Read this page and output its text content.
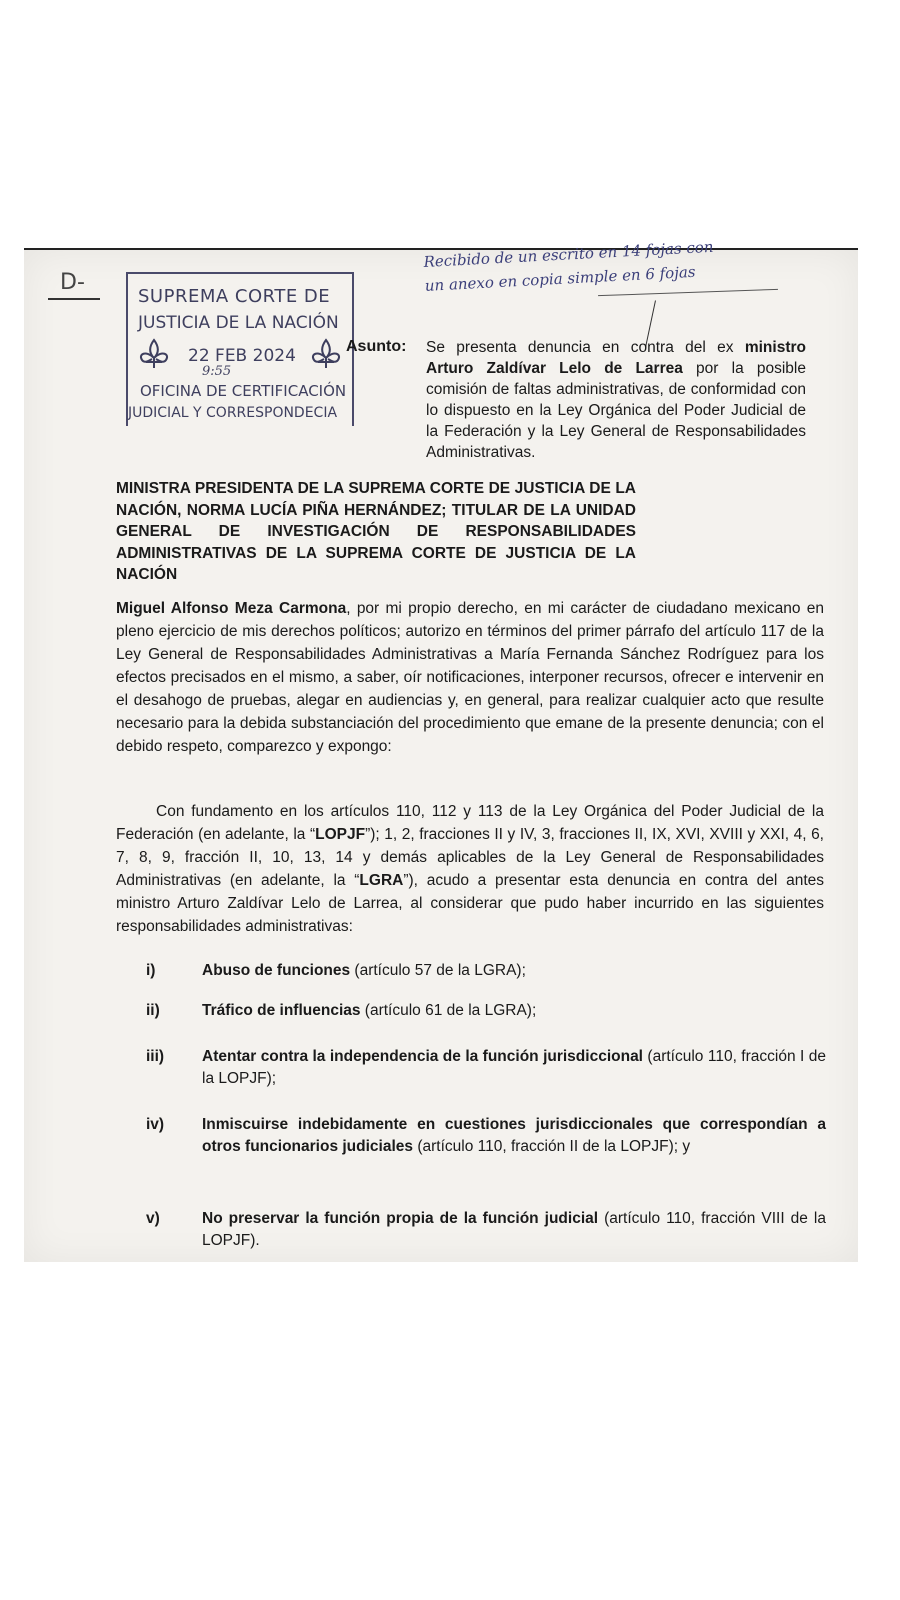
D-
SUPREMA CORTE DE
JUSTICIA DE LA NACIÓN
22 FEB 2024
9:55
OFICINA DE CERTIFICACIÓN
JUDICIAL Y CORRESPONDECIA
Recibido de un escrito en 14 fojas con
un anexo en copia simple en 6 fojas
Asunto: Se presenta denuncia en contra del ex ministro Arturo Zaldívar Lelo de Larrea por la posible comisión de faltas administrativas, de conformidad con lo dispuesto en la Ley Orgánica del Poder Judicial de la Federación y la Ley General de Responsabilidades Administrativas.
MINISTRA PRESIDENTA DE LA SUPREMA CORTE DE JUSTICIA DE LA NACIÓN, NORMA LUCÍA PIÑA HERNÁNDEZ; TITULAR DE LA UNIDAD GENERAL DE INVESTIGACIÓN DE RESPONSABILIDADES ADMINISTRATIVAS DE LA SUPREMA CORTE DE JUSTICIA DE LA NACIÓN
Miguel Alfonso Meza Carmona, por mi propio derecho, en mi carácter de ciudadano mexicano en pleno ejercicio de mis derechos políticos; autorizo en términos del primer párrafo del artículo 117 de la Ley General de Responsabilidades Administrativas a María Fernanda Sánchez Rodríguez para los efectos precisados en el mismo, a saber, oír notificaciones, interponer recursos, ofrecer e intervenir en el desahogo de pruebas, alegar en audiencias y, en general, para realizar cualquier acto que resulte necesario para la debida substanciación del procedimiento que emane de la presente denuncia; con el debido respeto, comparezco y expongo:
Con fundamento en los artículos 110, 112 y 113 de la Ley Orgánica del Poder Judicial de la Federación (en adelante, la “LOPJF”); 1, 2, fracciones II y IV, 3, fracciones II, IX, XVI, XVIII y XXI, 4, 6, 7, 8, 9, fracción II, 10, 13, 14 y demás aplicables de la Ley General de Responsabilidades Administrativas (en adelante, la “LGRA”), acudo a presentar esta denuncia en contra del antes ministro Arturo Zaldívar Lelo de Larrea, al considerar que pudo haber incurrido en las siguientes responsabilidades administrativas:
i)	Abuso de funciones (artículo 57 de la LGRA);
ii)	Tráfico de influencias (artículo 61 de la LGRA);
iii)	Atentar contra la independencia de la función jurisdiccional (artículo 110, fracción I de la LOPJF);
iv)	Inmiscuirse indebidamente en cuestiones jurisdiccionales que correspondían a otros funcionarios judiciales (artículo 110, fracción II de la LOPJF); y
v)	No preservar la función propia de la función judicial (artículo 110, fracción VIII de la LOPJF).
